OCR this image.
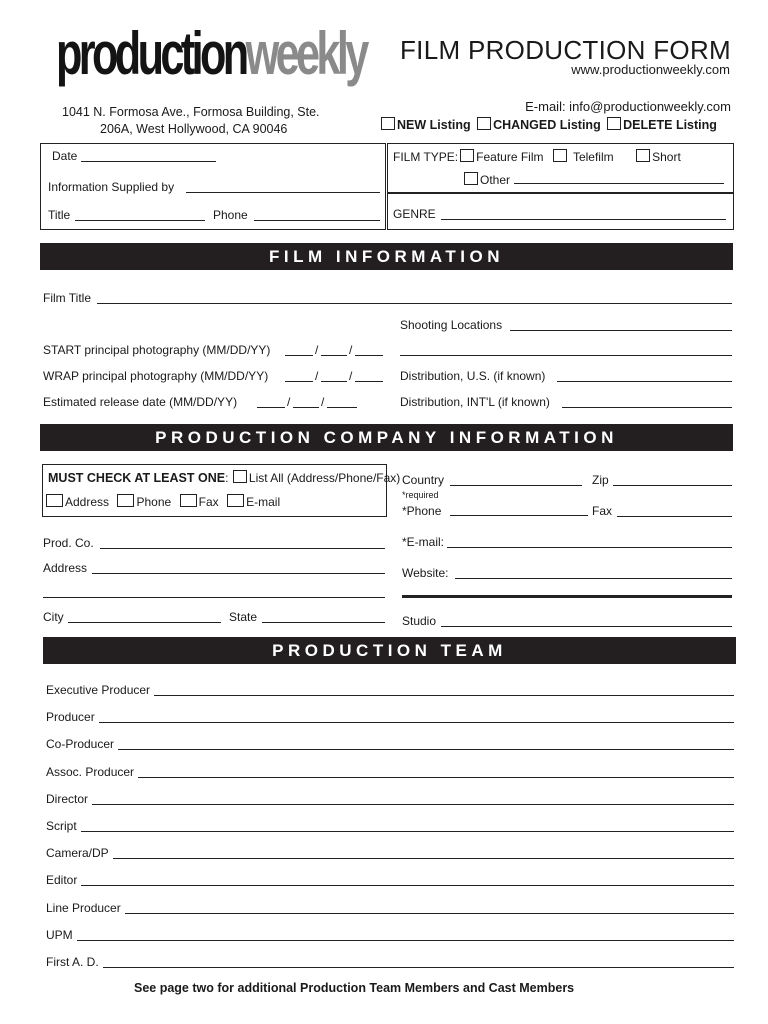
productionweekly FILM PRODUCTION FORM
www.productionweekly.com
1041 N. Formosa Ave., Formosa Building, Ste.
206A, West Hollywood, CA 90046
E-mail: info@productionweekly.com
NEW Listing CHANGED Listing DELETE Listing
Date
Information Supplied by
Title	Phone
FILM TYPE: Feature Film Telefilm	Short
Other
GENRE
FILM INFORMATION
Film Title
Shooting Locations
START principal photography (MM/DD/YY)	/	/
WRAP principal photography (MM/DD/YY)	/	/	Distribution, U.S. (if known)
Estimated release date (MM/DD/YY)	/	/	Distribution, INT'L (if known)
PRODUCTION COMPANY INFORMATION
MUST CHECK AT LEAST ONE: List All (Address/Phone/Fax)
Address Phone Fax E-mail
Country	Zip
*required
*Phone	Fax
Prod. Co.	*E-mail:
Address	Website:
City	State	Studio
PRODUCTION TEAM
Executive Producer
Producer
Co-Producer
Assoc. Producer
Director
Script
Camera/DP
Editor
Line Producer
UPM
First A. D.
See page two for additional Production Team Members and Cast Members
